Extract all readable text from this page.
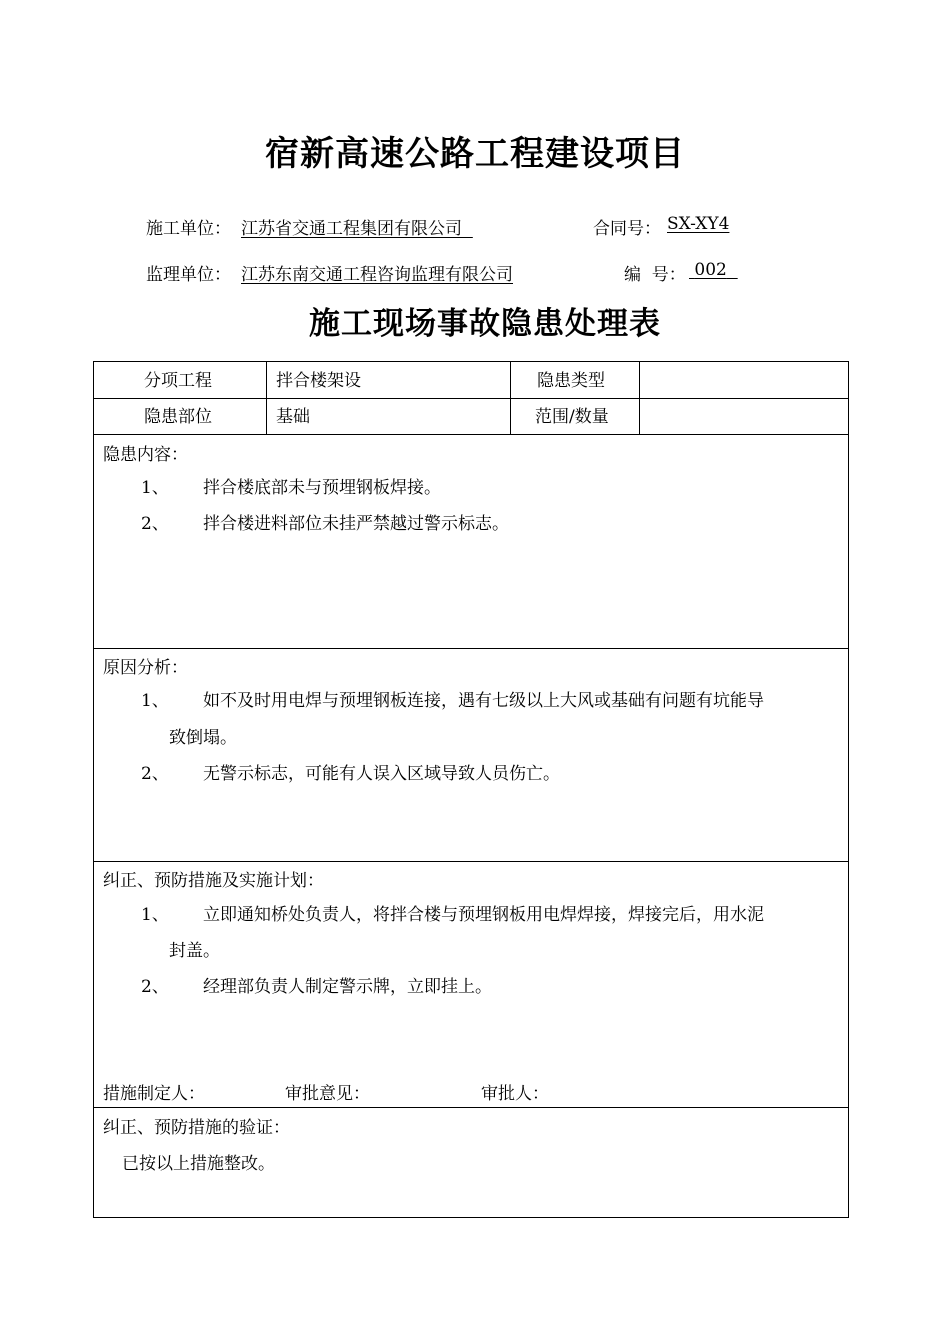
宿新高速公路工程建设项目
施工单位： 江苏省交通工程集团有限公司	合同号： SX-XY4
监理单位： 江苏东南交通工程咨询监理有限公司	编  号： 002
施工现场事故隐患处理表
分项工程	拌合楼架设	隐患类型
隐患部位	基础	范围/数量
隐患内容：
1、 拌合楼底部未与预埋钢板焊接。
2、 拌合楼进料部位未挂严禁越过警示标志。
原因分析：
1、 如不及时用电焊与预埋钢板连接，遇有七级以上大风或基础有问题有坑能导
致倒塌。
2、 无警示标志，可能有人误入区域导致人员伤亡。
纠正、预防措施及实施计划：
1、 立即通知桥处负责人，将拌合楼与预埋钢板用电焊焊接，焊接完后，用水泥
封盖。
2、 经理部负责人制定警示牌，立即挂上。
措施制定人：	审批意见：	审批人：
纠正、预防措施的验证：
已按以上措施整改。
